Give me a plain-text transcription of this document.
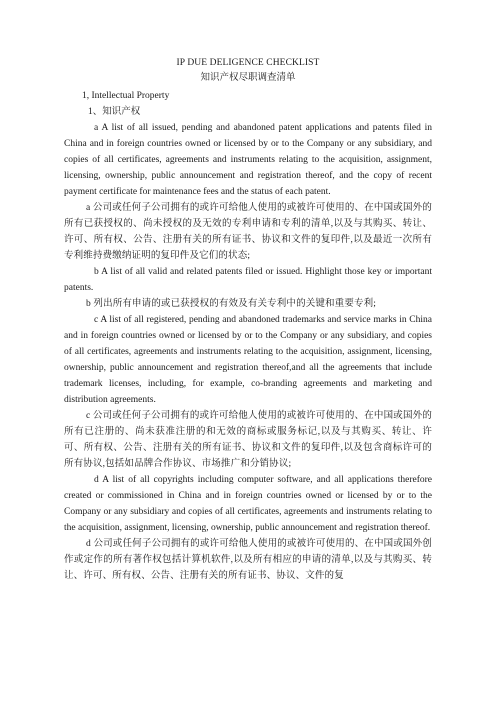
IP DUE DELIGENCE CHECKLIST

知识产权尽职调查清单

1, Intellectual Property

1、知识产权

a A list of all issued, pending and abandoned patent applications and patents filed in China and in foreign countries owned or licensed by or to the Company or any subsidiary, and copies of all certificates, agreements and instruments relating to the acquisition, assignment, licensing, ownership, public announcement and registration thereof, and the copy of recent payment certificate for maintenance fees and the status of each patent.

a 公司或任何子公司拥有的或许可给他人使用的或被许可使用的、在中国或国外的所有已获授权的、尚未授权的及无效的专利申请和专利的清单,以及与其购买、转让、许可、所有权、公告、注册有关的所有证书、协议和文件的复印件,以及最近一次所有专利维持费缴纳证明的复印件及它们的状态;

b A list of all valid and related patents filed or issued. Highlight those key or important patents.

b 列出所有申请的或已获授权的有效及有关专利中的关键和重要专利;

c A list of all registered, pending and abandoned trademarks and service marks in China and in foreign countries owned or licensed by or to the Company or any subsidiary, and copies of all certificates, agreements and instruments relating to the acquisition, assignment, licensing, ownership, public announcement and registration thereof,and all the agreements that include trademark licenses, including, for example, co-branding agreements and marketing and distribution agreements.

c 公司或任何子公司拥有的或许可给他人使用的或被许可使用的、在中国或国外的所有已注册的、尚未获准注册的和无效的商标或服务标记,以及与其购买、转让、许可、所有权、公告、注册有关的所有证书、协议和文件的复印件,以及包含商标许可的所有协议,包括如品牌合作协议、市场推广和分销协议;

d A list of all copyrights including computer software, and all applications therefore created or commissioned in China and in foreign countries owned or licensed by or to the Company or any subsidiary and copies of all certificates, agreements and instruments relating to the acquisition, assignment, licensing, ownership, public announcement and registration thereof.

d 公司或任何子公司拥有的或许可给他人使用的或被许可使用的、在中国或国外创作或定作的所有著作权包括计算机软件,以及所有相应的申请的清单,以及与其购买、转让、许可、所有权、公告、注册有关的所有证书、协议、文件的复
